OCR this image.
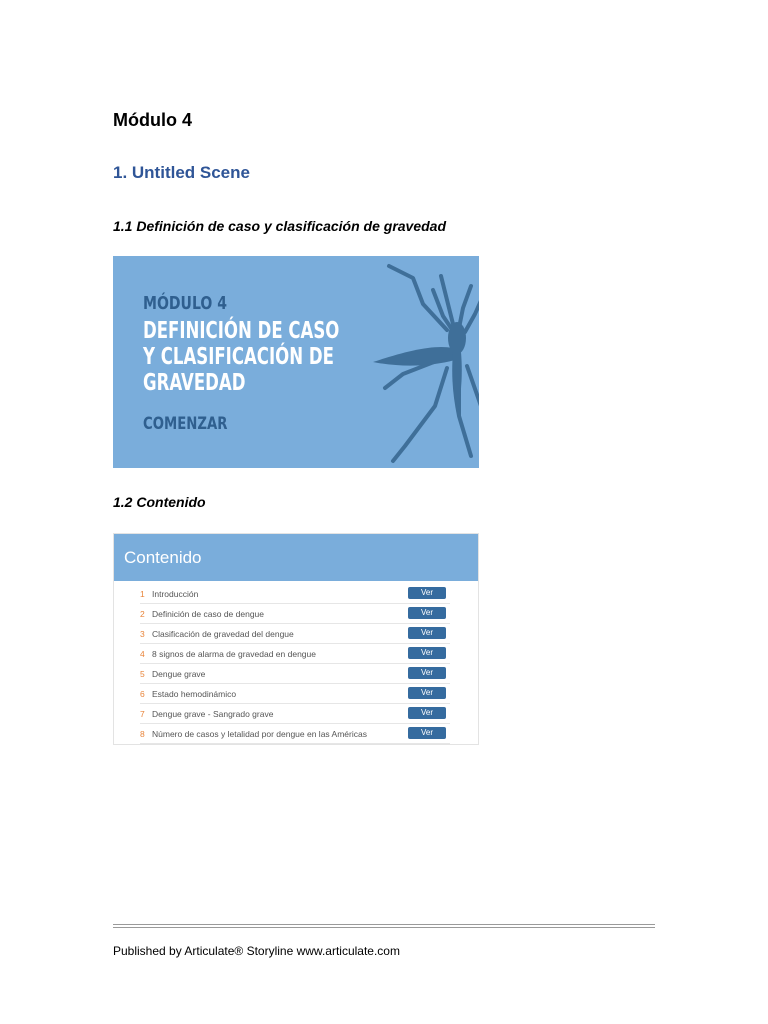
Módulo 4
1. Untitled Scene
1.1 Definición de caso y clasificación de gravedad
MÓDULO 4
DEFINICIÓN DE CASO
Y CLASIFICACIÓN DE
GRAVEDAD
COMENZAR
1.2 Contenido
Contenido
1 Introducción	Ver
2 Definición de caso de dengue	Ver
3 Clasificación de gravedad del dengue	Ver
4 8 signos de alarma de gravedad en dengue	Ver
5 Dengue grave	Ver
6 Estado hemodinámico	Ver
7 Dengue grave - Sangrado grave	Ver
8 Número de casos y letalidad por dengue en las Américas	Ver
Published by Articulate® Storyline www.articulate.com
